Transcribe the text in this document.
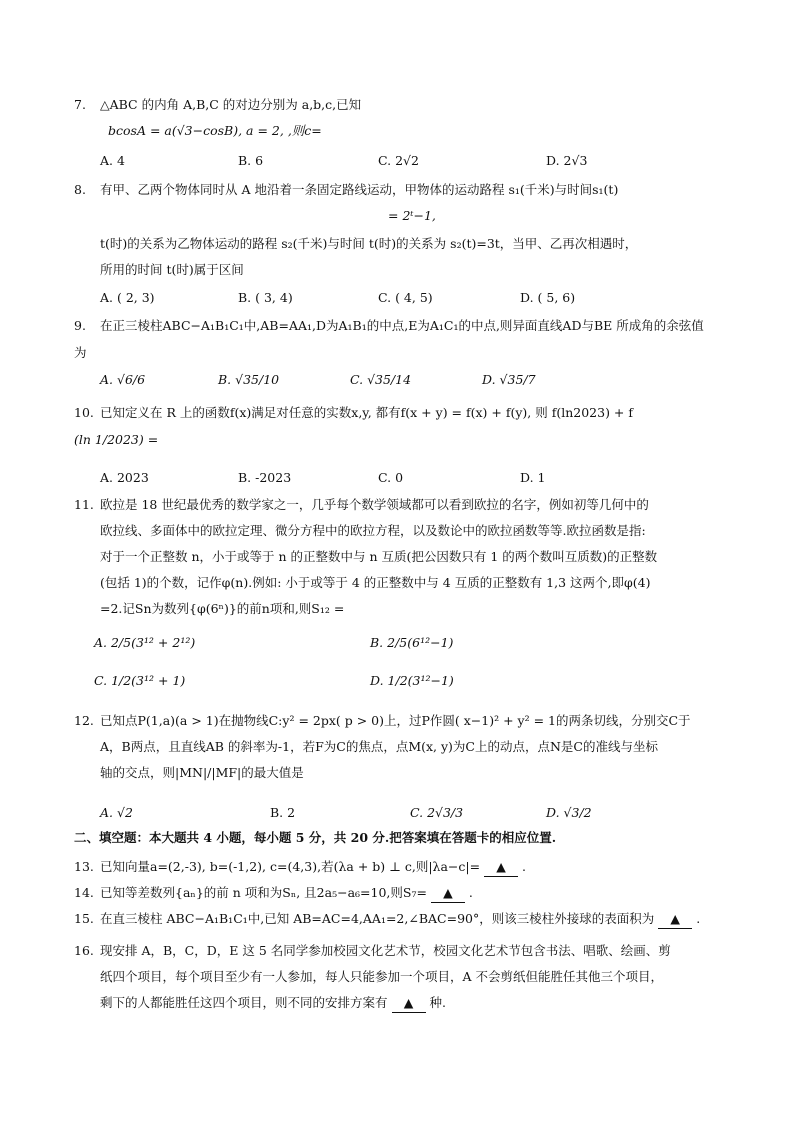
7.	△ABC 的内角 A,B,C 的对边分别为 a,b,c,已知
bcosA = a(√3−cosB), a = 2, ,则c=
A. 4	B. 6	C. 2√2	D. 2√3
8.	有甲、乙两个物体同时从 A 地沿着一条固定路线运动，甲物体的运动路程 s₁(千米)与时间s₁(t)
= 2ᵗ−1,
t(时)的关系为乙物体运动的路程 s₂(千米)与时间 t(时)的关系为 s₂(t)=3t，当甲、乙再次相遇时，
所用的时间 t(时)属于区间
A. ( 2, 3)	B. ( 3, 4)	C. ( 4, 5)	D. ( 5, 6)
9.	在正三棱柱ABC−A₁B₁C₁中,AB=AA₁,D为A₁B₁的中点,E为A₁C₁的中点,则异面直线AD与BE 所成角的余弦值
为
A. √6/6	B. √35/10	C. √35/14	D. √35/7
10. 已知定义在 R 上的函数f(x)满足对任意的实数x,y, 都有f(x + y) = f(x) + f(y), 则 f(ln2023) + f
(ln 1/2023) =
A. 2023	B. -2023	C. 0	D. 1
11. 欧拉是 18 世纪最优秀的数学家之一，几乎每个数学领域都可以看到欧拉的名字，例如初等几何中的
欧拉线、多面体中的欧拉定理、微分方程中的欧拉方程，以及数论中的欧拉函数等等.欧拉函数是指:
对于一个正整数 n，小于或等于 n 的正整数中与 n 互质(把公因数只有 1 的两个数叫互质数)的正整数
(包括 1)的个数，记作φ(n).例如: 小于或等于 4 的正整数中与 4 互质的正整数有 1,3 这两个,即φ(4)
=2.记Sn为数列{φ(6ⁿ)}的前n项和,则S₁₂ =
A. 2/5(3¹² + 2¹²)	B. 2/5(6¹²−1)
C. 1/2(3¹² + 1)	D. 1/2(3¹²−1)
12. 已知点P(1,a)(a > 1)在抛物线C:y² = 2px( p > 0)上，过P作圆( x−1)² + y² = 1的两条切线，分别交C于
A，B两点，且直线AB 的斜率为-1，若F为C的焦点，点M(x, y)为C上的动点，点N是C的准线与坐标
轴的交点，则|MN|/|MF|的最大值是
A. √2	B. 2	C. 2√3/3	D. √3/2
二、填空题：本大题共 4 小题，每小题 5 分，共 20 分.把答案填在答题卡的相应位置.
13. 已知向量a=(2,-3), b=(-1,2), c=(4,3),若(λa + b) ⊥ c,则|λa−c|= ▲ .
14. 已知等差数列{aₙ}的前 n 项和为Sₙ, 且2a₅−a₆=10,则S₇= ▲ .
15. 在直三棱柱 ABC−A₁B₁C₁中,已知 AB=AC=4,AA₁=2,∠BAC=90°，则该三棱柱外接球的表面积为 ▲ .
16. 现安排 A，B，C，D，E 这 5 名同学参加校园文化艺术节，校园文化艺术节包含书法、唱歌、绘画、剪
纸四个项目，每个项目至少有一人参加，每人只能参加一个项目，A 不会剪纸但能胜任其他三个项目，
剩下的人都能胜任这四个项目，则不同的安排方案有 ▲ 种.
